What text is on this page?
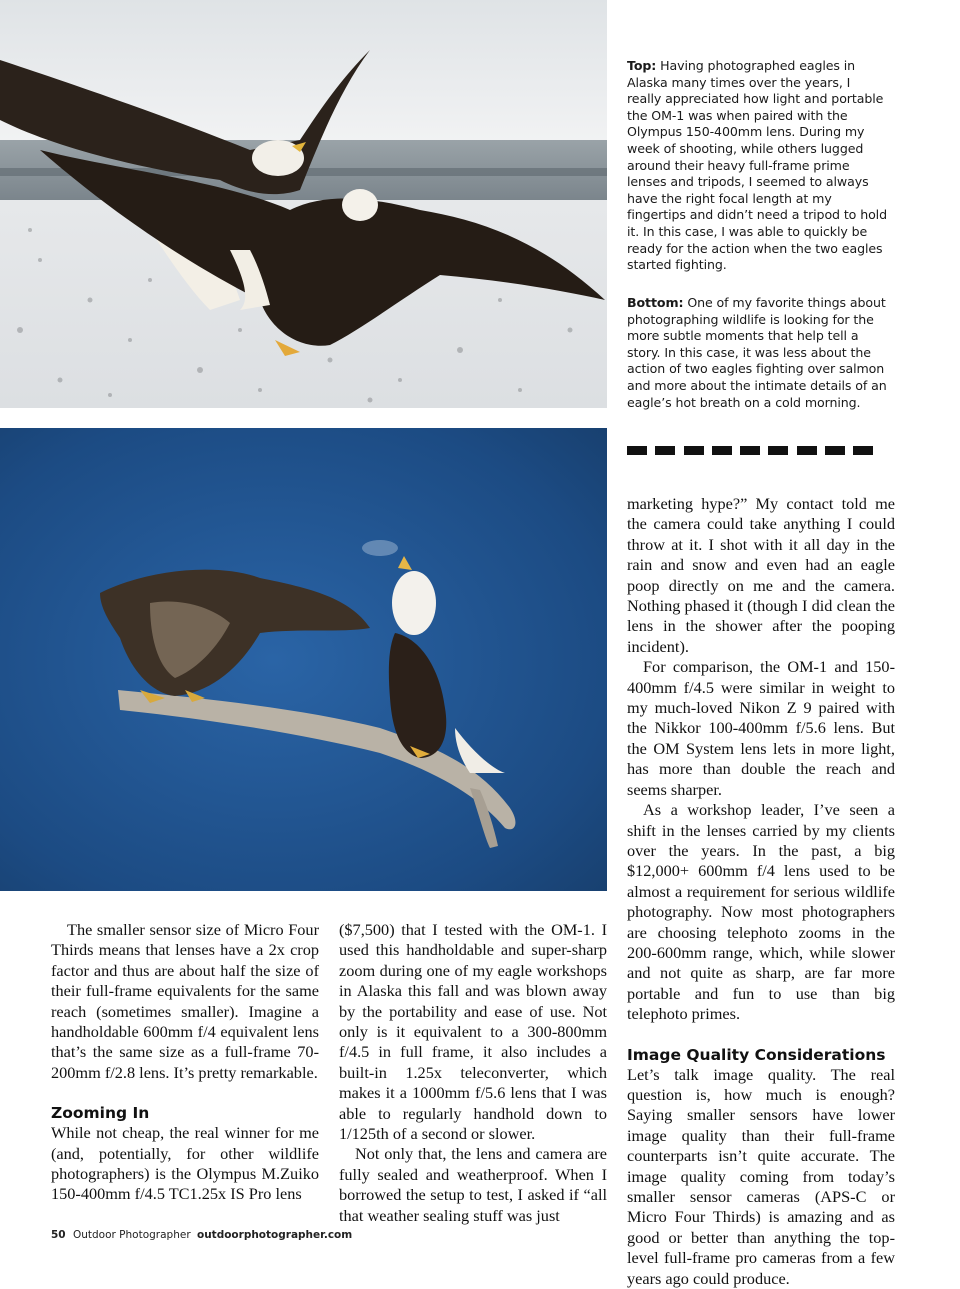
Top: Having photographed eagles in Alaska many times over the years, I really appreciated how light and portable the OM-1 was when paired with the Olympus 150-400mm lens. During my week of shooting, while others lugged around their heavy full-frame prime lenses and tripods, I seemed to always have the right focal length at my fingertips and didn’t need a tripod to hold it. In this case, I was able to quickly be ready for the action when the two eagles started fighting.
Bottom: One of my favorite things about photographing wildlife is looking for the more subtle moments that help tell a story. In this case, it was less about the action of two eagles fighting over salmon and more about the intimate details of an eagle’s hot breath on a cold morning.

The smaller sensor size of Micro Four Thirds means that lenses have a 2x crop factor and thus are about half the size of their full-frame equivalents for the same reach (sometimes smaller). Imagine a handholdable 600mm f/4 equivalent lens that’s the same size as a full-frame 70-200mm f/2.8 lens. It’s pretty remarkable.

Zooming In

While not cheap, the real winner for me (and, potentially, for other wildlife photographers) is the Olympus M.Zuiko 150-400mm f/4.5 TC1.25x IS Pro lens

($7,500) that I tested with the OM-1. I used this handholdable and super-sharp zoom during one of my eagle workshops in Alaska this fall and was blown away by the portability and ease of use. Not only is it equivalent to a 300-800mm f/4.5 in full frame, it also includes a built-in 1.25x teleconverter, which makes it a 1000mm f/5.6 lens that I was able to regularly handhold down to 1/125th of a second or slower.

Not only that, the lens and camera are fully sealed and weatherproof. When I borrowed the setup to test, I asked if “all that weather sealing stuff was just

marketing hype?” My contact told me the camera could take anything I could throw at it. I shot with it all day in the rain and snow and even had an eagle poop directly on me and the camera. Nothing phased it (though I did clean the lens in the shower after the pooping incident).

For comparison, the OM-1 and 150-400mm f/4.5 were similar in weight to my much-loved Nikon Z 9 paired with the Nikkor 100-400mm f/5.6 lens. But the OM System lens lets in more light, has more than double the reach and seems sharper.

As a workshop leader, I’ve seen a shift in the lenses carried by my clients over the years. In the past, a big $12,000+ 600mm f/4 lens used to be almost a requirement for serious wildlife photography. Now most photographers are choosing telephoto zooms in the 200-600mm range, which, while slower and not quite as sharp, are far more portable and fun to use than big telephoto primes.

Image Quality Considerations

Let’s talk image quality. The real question is, how much is enough? Saying smaller sensors have lower image quality than their full-frame counterparts isn’t quite accurate. The image quality coming from today’s smaller sensor cameras (APS-C or Micro Four Thirds) is amazing and as good or better than anything the top-level full-frame pro cameras from a few years ago could produce.

50 Outdoor Photographer outdoorphotographer.com
